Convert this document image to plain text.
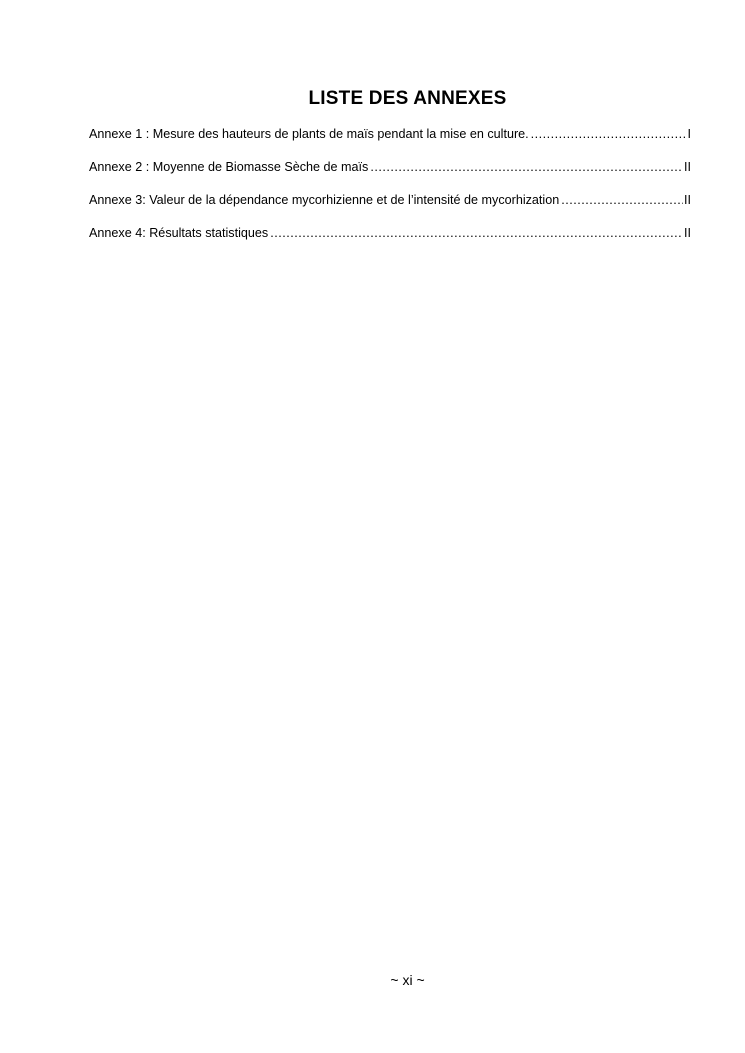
LISTE DES ANNEXES
Annexe 1 : Mesure des hauteurs de plants de maïs pendant la mise en culture. .....	I
Annexe 2 : Moyenne de Biomasse Sèche de maïs .....	II
Annexe 3: Valeur de la dépendance mycorhizienne et de l’intensité de mycorhization .....	II
Annexe 4: Résultats statistiques .....	II
~ xi ~
